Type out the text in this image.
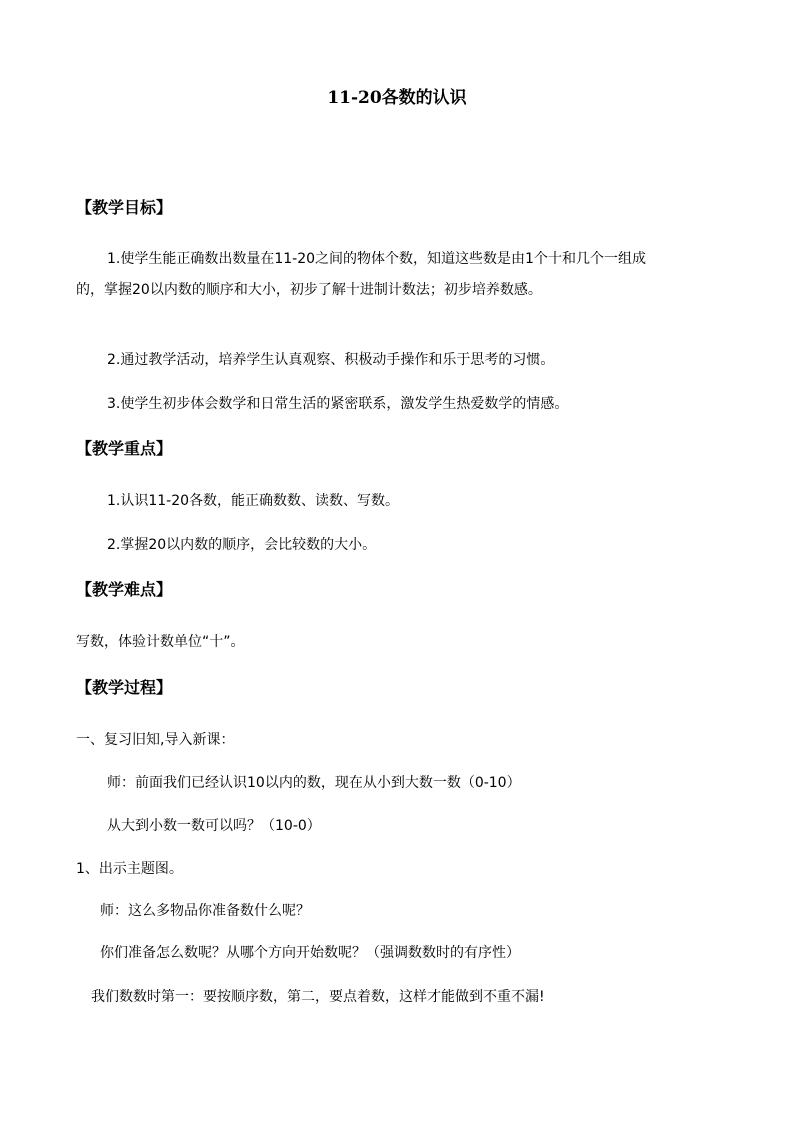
11-20各数的认识
【教学目标】
1.使学生能正确数出数量在11-20之间的物体个数，知道这些数是由1个十和几个一组成的，掌握20以内数的顺序和大小，初步了解十进制计数法；初步培养数感。
2.通过教学活动，培养学生认真观察、积极动手操作和乐于思考的习惯。
3.使学生初步体会数学和日常生活的紧密联系，激发学生热爱数学的情感。
【教学重点】
1.认识11-20各数，能正确数数、读数、写数。
2.掌握20以内数的顺序，会比较数的大小。
【教学难点】
写数，体验计数单位“十”。
【教学过程】
一、复习旧知,导入新课：
师：前面我们已经认识10以内的数，现在从小到大数一数（0-10）
从大到小数一数可以吗？（10-0）
1、出示主题图。
师：这么多物品你准备数什么呢？
你们准备怎么数呢？从哪个方向开始数呢？（强调数数时的有序性）
我们数数时第一：要按顺序数，第二，要点着数，这样才能做到不重不漏!
